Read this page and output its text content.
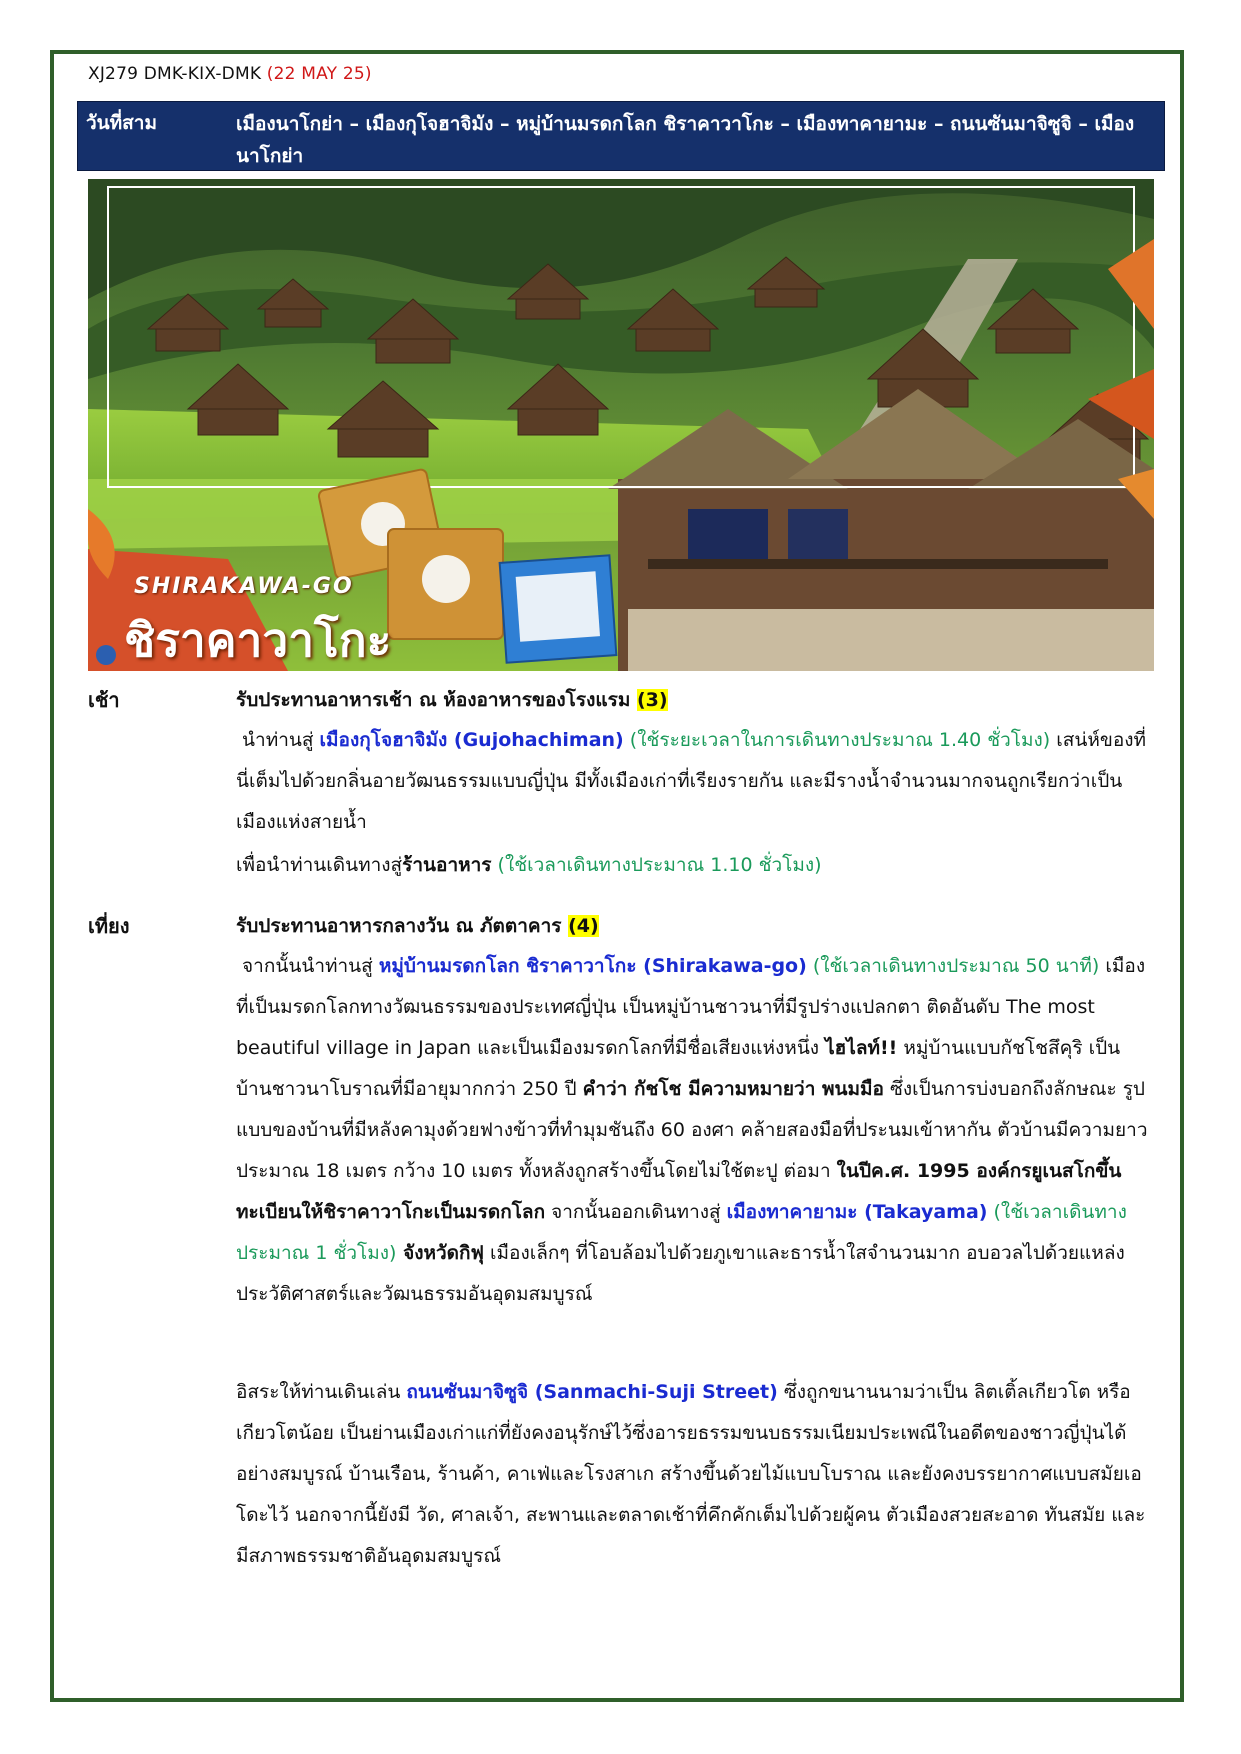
XJ279 DMK-KIX-DMK (22 MAY 25)
วันที่สาม	เมืองนาโกย่า – เมืองกุโจฮาจิมัง – หมู่บ้านมรดกโลก ชิราคาวาโกะ – เมืองทาคายามะ – ถนนซันมาจิซูจิ – เมืองนาโกย่า
SHIRAKAWA-GO
ชิราคาวาโกะ
เช้า	รับประทานอาหารเช้า ณ ห้องอาหารของโรงแรม (3)
นำท่านสู่ เมืองกุโจฮาจิมัง (Gujohachiman) (ใช้ระยะเวลาในการเดินทางประมาณ 1.40 ชั่วโมง) เสน่ห์ของที่นี่เต็มไปด้วยกลิ่นอายวัฒนธรรมแบบญี่ปุ่น มีทั้งเมืองเก่าที่เรียงรายกัน และมีรางน้ำจำนวนมากจนถูกเรียกว่าเป็นเมืองแห่งสายน้ำ
เพื่อนำท่านเดินทางสู่ร้านอาหาร (ใช้เวลาเดินทางประมาณ 1.10 ชั่วโมง)
เที่ยง	รับประทานอาหารกลางวัน ณ ภัตตาคาร (4)
จากนั้นนำท่านสู่ หมู่บ้านมรดกโลก ชิราคาวาโกะ (Shirakawa-go) (ใช้เวลาเดินทางประมาณ 50 นาที) เมืองที่เป็นมรดกโลกทางวัฒนธรรมของประเทศญี่ปุ่น เป็นหมู่บ้านชาวนาที่มีรูปร่างแปลกตา ติดอันดับ The most beautiful village in Japan และเป็นเมืองมรดกโลกที่มีชื่อเสียงแห่งหนึ่ง ไฮไลท์!! หมู่บ้านแบบกัชโชสึคุริ เป็นบ้านชาวนาโบราณที่มีอายุมากกว่า 250 ปี คำว่า กัชโช มีความหมายว่า พนมมือ ซึ่งเป็นการบ่งบอกถึงลักษณะ รูปแบบของบ้านที่มีหลังคามุงด้วยฟางข้าวที่ทำมุมชันถึง 60 องศา คล้ายสองมือที่ประนมเข้าหากัน ตัวบ้านมีความยาวประมาณ 18 เมตร กว้าง 10 เมตร ทั้งหลังถูกสร้างขึ้นโดยไม่ใช้ตะปู ต่อมา ในปีค.ศ. 1995 องค์กรยูเนสโกขึ้นทะเบียนให้ชิราคาวาโกะเป็นมรดกโลก จากนั้นออกเดินทางสู่ เมืองทาคายามะ (Takayama) (ใช้เวลาเดินทางประมาณ 1 ชั่วโมง) จังหวัดกิฟุ เมืองเล็กๆ ที่โอบล้อมไปด้วยภูเขาและธารน้ำใสจำนวนมาก อบอวลไปด้วยแหล่งประวัติศาสตร์และวัฒนธรรมอันอุดมสมบูรณ์
อิสระให้ท่านเดินเล่น ถนนซันมาจิซูจิ (Sanmachi-Suji Street) ซึ่งถูกขนานนามว่าเป็น ลิตเติ้ลเกียวโต หรือ เกียวโตน้อย เป็นย่านเมืองเก่าแก่ที่ยังคงอนุรักษ์ไว้ซึ่งอารยธรรมขนบธรรมเนียมประเพณีในอดีตของชาวญี่ปุ่นได้อย่างสมบูรณ์ บ้านเรือน, ร้านค้า, คาเฟ่และโรงสาเก สร้างขึ้นด้วยไม้แบบโบราณ และยังคงบรรยากาศแบบสมัยเอโดะไว้ นอกจากนี้ยังมี วัด, ศาลเจ้า, สะพานและตลาดเช้าที่คึกคักเต็มไปด้วยผู้คน ตัวเมืองสวยสะอาด ทันสมัย และมีสภาพธรรมชาติอันอุดมสมบูรณ์
